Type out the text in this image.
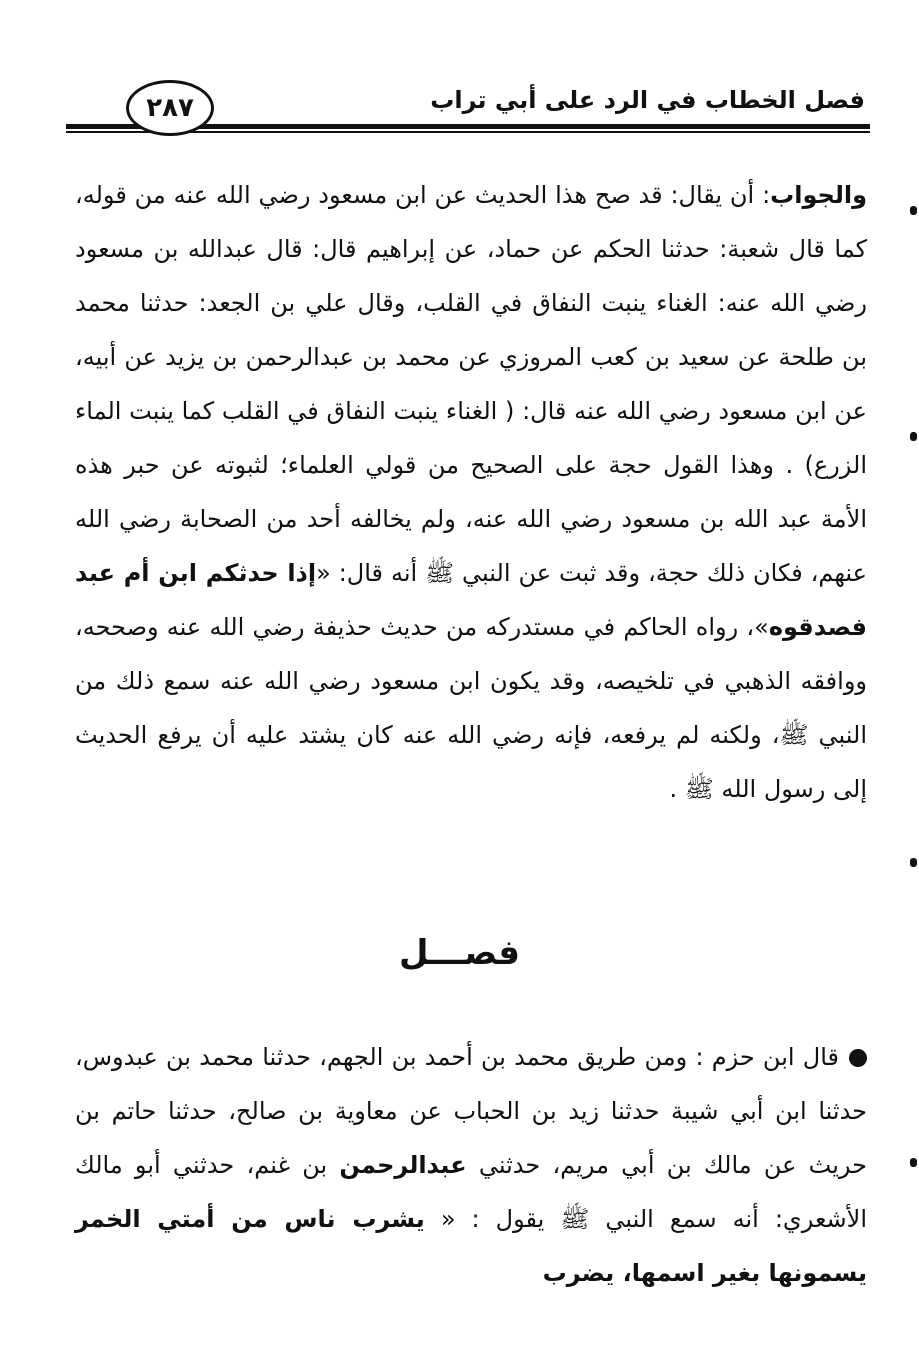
فصل الخطاب في الرد على أبي تراب
٢٨٧
والجواب: أن يقال: قد صح هذا الحديث عن ابن مسعود رضي الله عنه من قوله، كما قال شعبة: حدثنا الحكم عن حماد، عن إبراهيم قال: قال عبدالله بن مسعود رضي الله عنه: الغناء ينبت النفاق في القلب، وقال علي بن الجعد: حدثنا محمد بن طلحة عن سعيد بن كعب المروزي عن محمد بن عبدالرحمن بن يزيد عن أبيه، عن ابن مسعود رضي الله عنه قال: ( الغناء ينبت النفاق في القلب كما ينبت الماء الزرع) . وهذا القول حجة على الصحيح من قولي العلماء؛ لثبوته عن حبر هذه الأمة عبد الله بن مسعود رضي الله عنه، ولم يخالفه أحد من الصحابة رضي الله عنهم، فكان ذلك حجة، وقد ثبت عن النبي ﷺ أنه قال: «إذا حدثكم ابن أم عبد فصدقوه»، رواه الحاكم في مستدركه من حديث حذيفة رضي الله عنه وصححه، ووافقه الذهبي في تلخيصه، وقد يكون ابن مسعود رضي الله عنه سمع ذلك من النبي ﷺ، ولكنه لم يرفعه، فإنه رضي الله عنه كان يشتد عليه أن يرفع الحديث إلى رسول الله ﷺ .
فصـــل
قال ابن حزم : ومن طريق محمد بن أحمد بن الجهم، حدثنا محمد بن عبدوس، حدثنا ابن أبي شيبة حدثنا زيد بن الحباب عن معاوية بن صالح، حدثنا حاتم بن حريث عن مالك بن أبي مريم، حدثني عبدالرحمن بن غنم، حدثني أبو مالك الأشعري: أنه سمع النبي ﷺ يقول : « يشرب ناس من أمتي الخمر يسمونها بغير اسمها، يضرب
